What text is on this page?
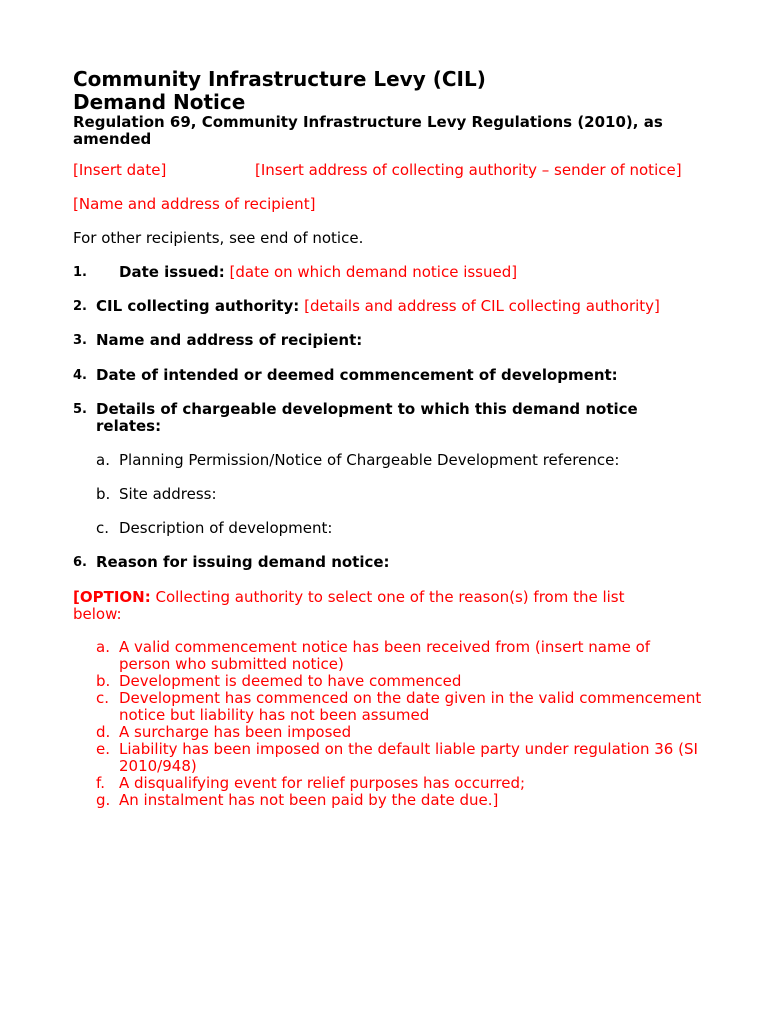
Community Infrastructure Levy (CIL)
Demand Notice
Regulation 69, Community Infrastructure Levy Regulations (2010), as amended
[Insert date]	[Insert address of collecting authority – sender of notice]
[Name and address of recipient]
For other recipients, see end of notice.
1. Date issued: [date on which demand notice issued]
2. CIL collecting authority: [details and address of CIL collecting authority]
3. Name and address of recipient:
4. Date of intended or deemed commencement of development:
5. Details of chargeable development to which this demand notice relates:
a. Planning Permission/Notice of Chargeable Development reference:
b. Site address:
c. Description of development:
6. Reason for issuing demand notice:
[OPTION: Collecting authority to select one of the reason(s) from the list below:
a. A valid commencement notice has been received from (insert name of person who submitted notice)
b. Development is deemed to have commenced
c. Development has commenced on the date given in the valid commencement notice but liability has not been assumed
d. A surcharge has been imposed
e. Liability has been imposed on the default liable party under regulation 36 (SI 2010/948)
f. A disqualifying event for relief purposes has occurred;
g. An instalment has not been paid by the date due.]
